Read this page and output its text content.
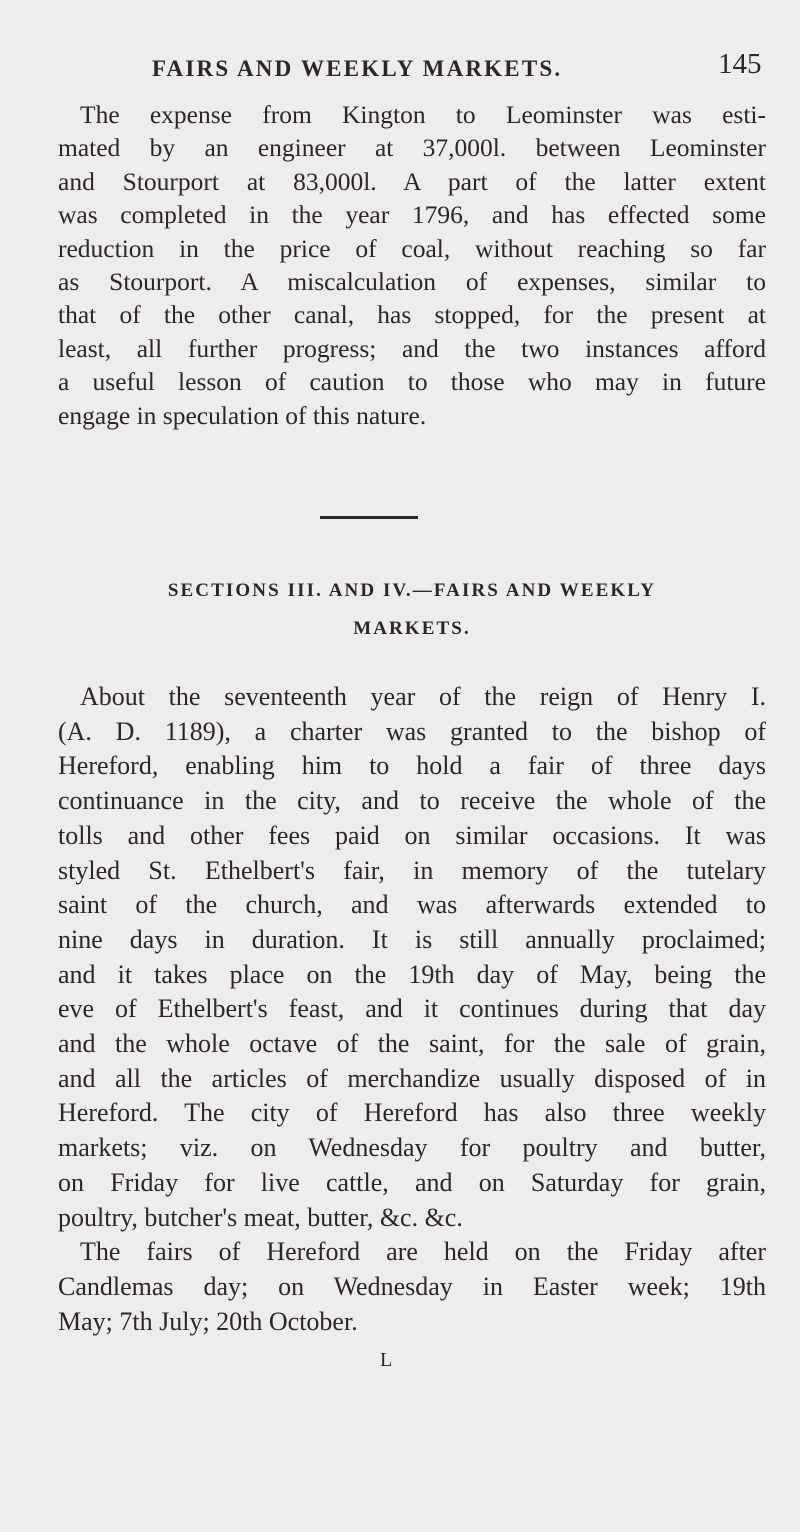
FAIRS AND WEEKLY MARKETS.	145
The expense from Kington to Leominster was esti-
mated by an engineer at 37,000l. between Leominster
and Stourport at 83,000l. A part of the latter extent
was completed in the year 1796, and has effected some
reduction in the price of coal, without reaching so far
as Stourport. A miscalculation of expenses, similar to
that of the other canal, has stopped, for the present at
least, all further progress; and the two instances afford
a useful lesson of caution to those who may in future
engage in speculation of this nature.
SECTIONS III. AND IV.—FAIRS AND WEEKLY
MARKETS.
About the seventeenth year of the reign of Henry I.
(A. D. 1189), a charter was granted to the bishop of
Hereford, enabling him to hold a fair of three days
continuance in the city, and to receive the whole of the
tolls and other fees paid on similar occasions. It was
styled St. Ethelbert's fair, in memory of the tutelary
saint of the church, and was afterwards extended to
nine days in duration. It is still annually proclaimed;
and it takes place on the 19th day of May, being the
eve of Ethelbert's feast, and it continues during that day
and the whole octave of the saint, for the sale of grain,
and all the articles of merchandize usually disposed of in
Hereford. The city of Hereford has also three weekly
markets; viz. on Wednesday for poultry and butter,
on Friday for live cattle, and on Saturday for grain,
poultry, butcher's meat, butter, &c. &c.
The fairs of Hereford are held on the Friday after
Candlemas day; on Wednesday in Easter week; 19th
May; 7th July; 20th October.
L
